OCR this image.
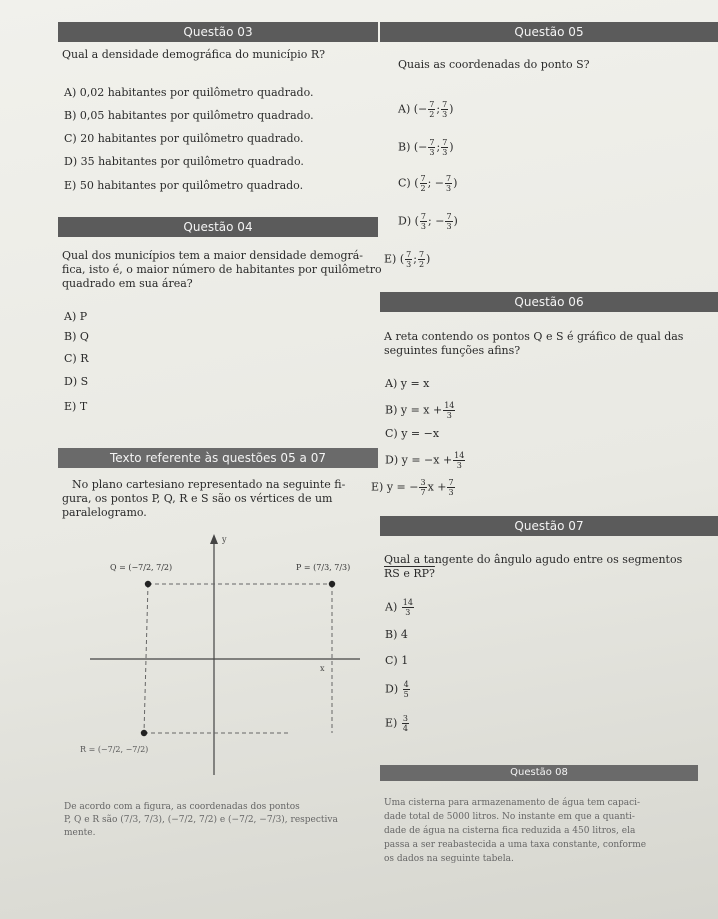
Questão 03
Qual a densidade demográfica do município R?
A) 0,02 habitantes por quilômetro quadrado.
B) 0,05 habitantes por quilômetro quadrado.
C) 20 habitantes por quilômetro quadrado.
D) 35 habitantes por quilômetro quadrado.
E) 50 habitantes por quilômetro quadrado.
Questão 04
Qual dos municípios tem a maior densidade demográ-
fica, isto é, o maior número de habitantes por quilômetro
quadrado em sua área?
A) P
B) Q
C) R
D) S
E) T
Texto referente às questões 05 a 07
No plano cartesiano representado na seguinte fi-
gura, os pontos P, Q, R e S são os vértices de um
paralelogramo.
y
x
Q = (−7/2, 7/2)	P = (7/3, 7/3)
R = (−7/2, −7/2)
De acordo com a figura, as coordenadas dos pontos
P, Q e R são (7/3, 7/3), (−7/2, 7/2) e (−7/2, −7/3), respectiva
mente.
Questão 05
Quais as coordenadas do ponto S?
A) (− $\frac{7}{2}$ ; $\frac{7}{3}$ )
B) (− $\frac{7}{3}$ ; $\frac{7}{3}$ )
C) ( $\frac{7}{2}$ ; − $\frac{7}{3}$ )
D) ( $\frac{7}{3}$ ; − $\frac{7}{3}$ )
E) ( $\frac{7}{3}$ ; $\frac{7}{2}$ )
Questão 06
A reta contendo os pontos Q e S é gráfico de qual das
seguintes funções afins?
A) y = x
B) $y = x + \frac{14}{3}$
C) y = −x
D) $y = -x + \frac{14}{3}$
E) y = − $\frac{3}{7}$ $x + \frac{7}{3}$
Questão 07
Qual a tangente do ângulo agudo entre os segmentos
RS e RP?
$A) \frac{14}{3}$
B) 4
C) 1
$D) \frac{4}{5}$
$E) \frac{3}{4}$
Questão 08
Uma cisterna para armazenamento de água tem capaci-
dade total de 5000 litros. No instante em que a quanti-
dade de água na cisterna fica reduzida a 450 litros, ela
passa a ser reabastecida a uma taxa constante, conforme
os dados na seguinte tabela.
